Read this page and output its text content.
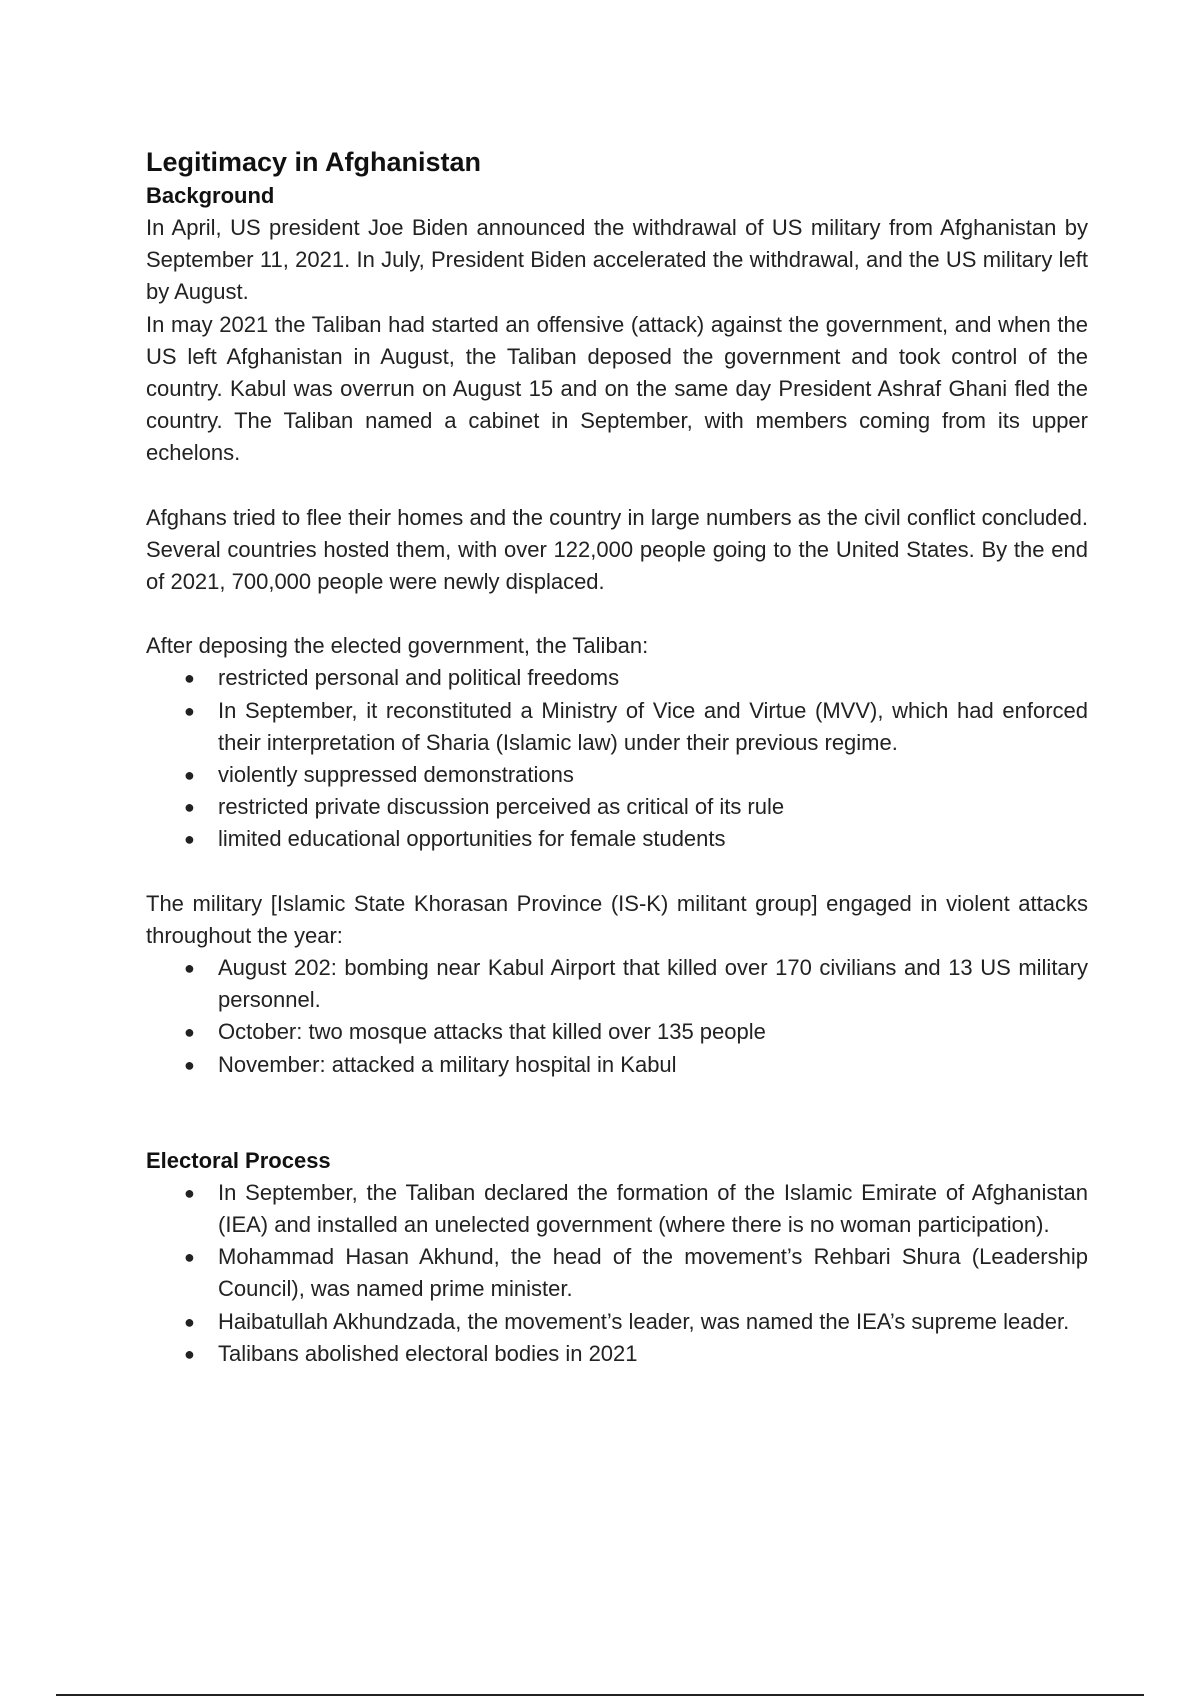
Legitimacy in Afghanistan
Background

In April, US president Joe Biden announced the withdrawal of US military from Afghanistan by September 11, 2021. In July, President Biden accelerated the withdrawal, and the US military left by August.

In may 2021 the Taliban had started an offensive (attack) against the government, and when the US left Afghanistan in August, the Taliban deposed the government and took control of the country. Kabul was overrun on August 15 and on the same day President Ashraf Ghani fled the country. The Taliban named a cabinet in September, with members coming from its upper echelons.

Afghans tried to flee their homes and the country in large numbers as the civil conflict concluded. Several countries hosted them, with over 122,000 people going to the United States. By the end of 2021, 700,000 people were newly displaced.

After deposing the elected government, the Taliban:

● restricted personal and political freedoms
● In September, it reconstituted a Ministry of Vice and Virtue (MVV), which had enforced their interpretation of Sharia (Islamic law) under their previous regime.
● violently suppressed demonstrations
● restricted private discussion perceived as critical of its rule
● limited educational opportunities for female students

The military [Islamic State Khorasan Province (IS-K) militant group] engaged in violent attacks throughout the year:

● August 202: bombing near Kabul Airport that killed over 170 civilians and 13 US military personnel.
● October: two mosque attacks that killed over 135 people
● November: attacked a military hospital in Kabul
Electoral Process
● In September, the Taliban declared the formation of the Islamic Emirate of Afghanistan (IEA) and installed an unelected government (where there is no woman participation).
● Mohammad Hasan Akhund, the head of the movement’s Rehbari Shura (Leadership Council), was named prime minister.
● Haibatullah Akhundzada, the movement’s leader, was named the IEA’s supreme leader.
● Talibans abolished electoral bodies in 2021
